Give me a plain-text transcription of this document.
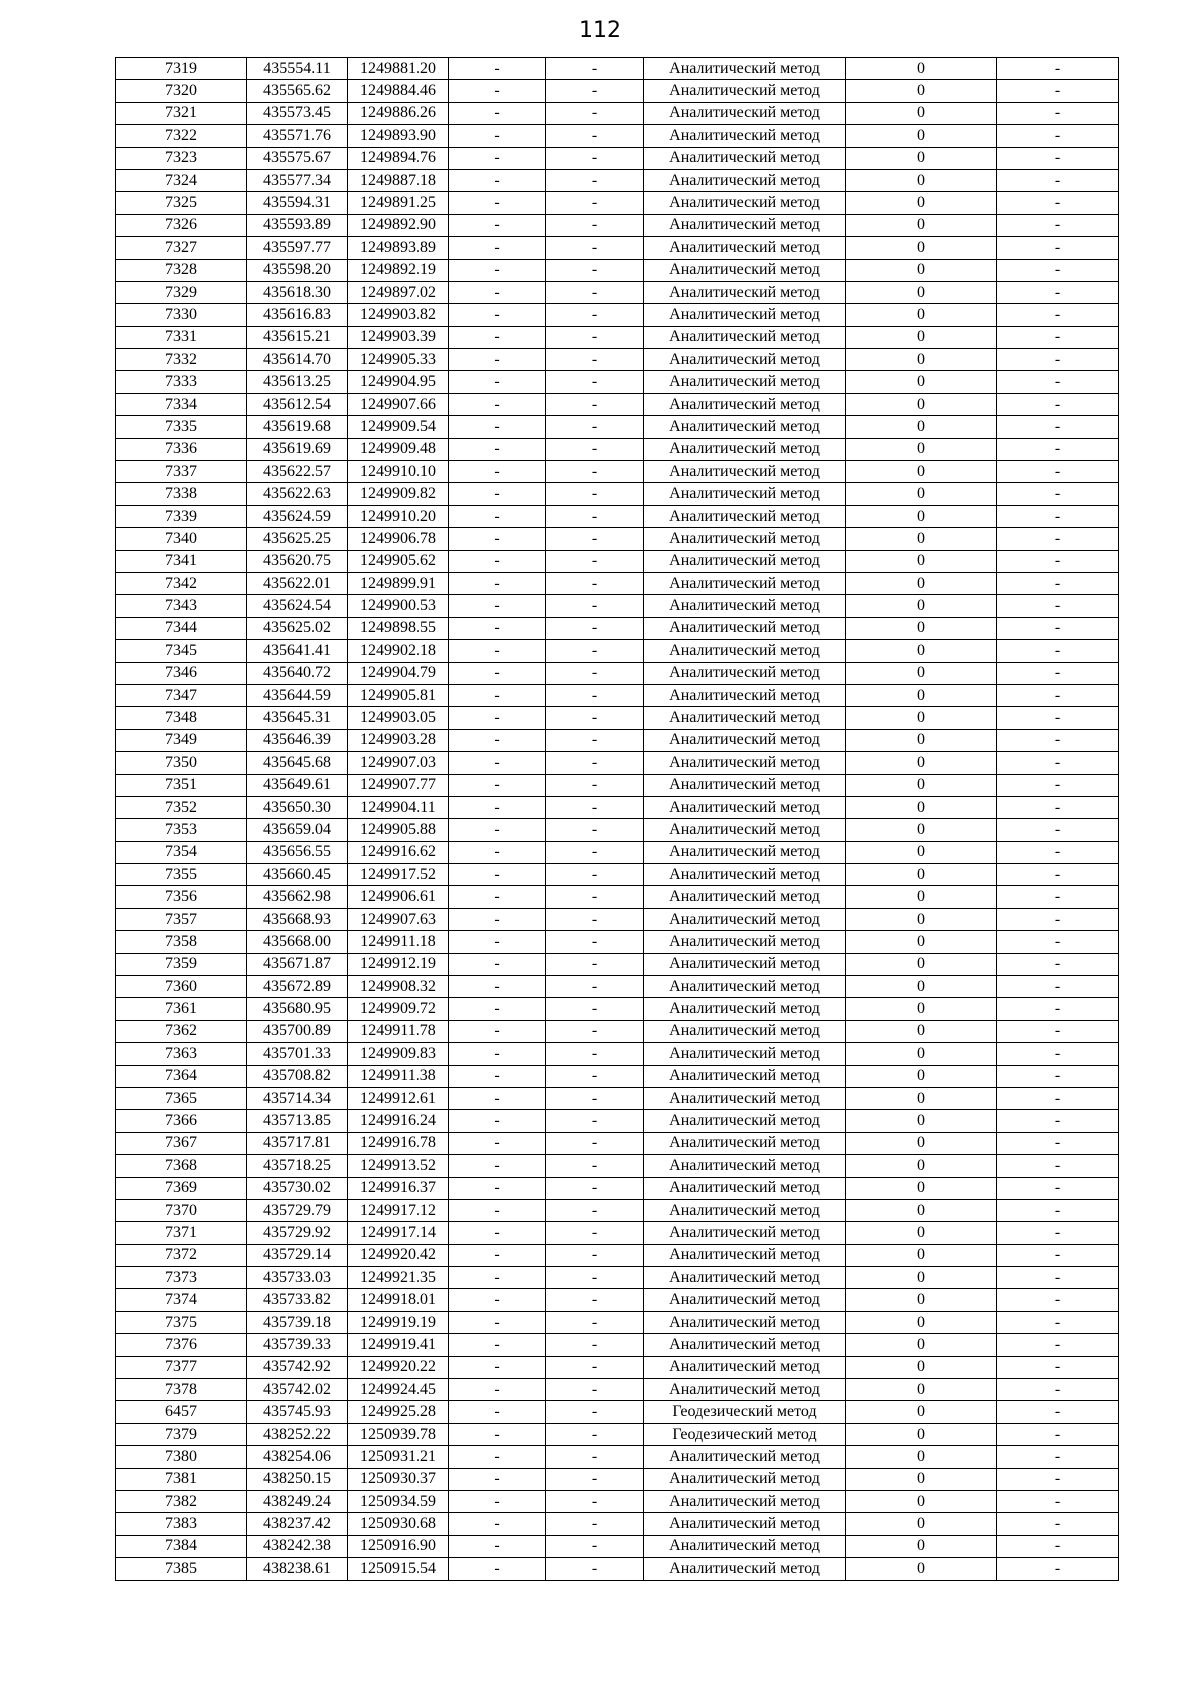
112
7319	435554.11	1249881.20	-	-	Аналитический метод	0	-
7320	435565.62	1249884.46	-	-	Аналитический метод	0	-
7321	435573.45	1249886.26	-	-	Аналитический метод	0	-
7322	435571.76	1249893.90	-	-	Аналитический метод	0	-
7323	435575.67	1249894.76	-	-	Аналитический метод	0	-
7324	435577.34	1249887.18	-	-	Аналитический метод	0	-
7325	435594.31	1249891.25	-	-	Аналитический метод	0	-
7326	435593.89	1249892.90	-	-	Аналитический метод	0	-
7327	435597.77	1249893.89	-	-	Аналитический метод	0	-
7328	435598.20	1249892.19	-	-	Аналитический метод	0	-
7329	435618.30	1249897.02	-	-	Аналитический метод	0	-
7330	435616.83	1249903.82	-	-	Аналитический метод	0	-
7331	435615.21	1249903.39	-	-	Аналитический метод	0	-
7332	435614.70	1249905.33	-	-	Аналитический метод	0	-
7333	435613.25	1249904.95	-	-	Аналитический метод	0	-
7334	435612.54	1249907.66	-	-	Аналитический метод	0	-
7335	435619.68	1249909.54	-	-	Аналитический метод	0	-
7336	435619.69	1249909.48	-	-	Аналитический метод	0	-
7337	435622.57	1249910.10	-	-	Аналитический метод	0	-
7338	435622.63	1249909.82	-	-	Аналитический метод	0	-
7339	435624.59	1249910.20	-	-	Аналитический метод	0	-
7340	435625.25	1249906.78	-	-	Аналитический метод	0	-
7341	435620.75	1249905.62	-	-	Аналитический метод	0	-
7342	435622.01	1249899.91	-	-	Аналитический метод	0	-
7343	435624.54	1249900.53	-	-	Аналитический метод	0	-
7344	435625.02	1249898.55	-	-	Аналитический метод	0	-
7345	435641.41	1249902.18	-	-	Аналитический метод	0	-
7346	435640.72	1249904.79	-	-	Аналитический метод	0	-
7347	435644.59	1249905.81	-	-	Аналитический метод	0	-
7348	435645.31	1249903.05	-	-	Аналитический метод	0	-
7349	435646.39	1249903.28	-	-	Аналитический метод	0	-
7350	435645.68	1249907.03	-	-	Аналитический метод	0	-
7351	435649.61	1249907.77	-	-	Аналитический метод	0	-
7352	435650.30	1249904.11	-	-	Аналитический метод	0	-
7353	435659.04	1249905.88	-	-	Аналитический метод	0	-
7354	435656.55	1249916.62	-	-	Аналитический метод	0	-
7355	435660.45	1249917.52	-	-	Аналитический метод	0	-
7356	435662.98	1249906.61	-	-	Аналитический метод	0	-
7357	435668.93	1249907.63	-	-	Аналитический метод	0	-
7358	435668.00	1249911.18	-	-	Аналитический метод	0	-
7359	435671.87	1249912.19	-	-	Аналитический метод	0	-
7360	435672.89	1249908.32	-	-	Аналитический метод	0	-
7361	435680.95	1249909.72	-	-	Аналитический метод	0	-
7362	435700.89	1249911.78	-	-	Аналитический метод	0	-
7363	435701.33	1249909.83	-	-	Аналитический метод	0	-
7364	435708.82	1249911.38	-	-	Аналитический метод	0	-
7365	435714.34	1249912.61	-	-	Аналитический метод	0	-
7366	435713.85	1249916.24	-	-	Аналитический метод	0	-
7367	435717.81	1249916.78	-	-	Аналитический метод	0	-
7368	435718.25	1249913.52	-	-	Аналитический метод	0	-
7369	435730.02	1249916.37	-	-	Аналитический метод	0	-
7370	435729.79	1249917.12	-	-	Аналитический метод	0	-
7371	435729.92	1249917.14	-	-	Аналитический метод	0	-
7372	435729.14	1249920.42	-	-	Аналитический метод	0	-
7373	435733.03	1249921.35	-	-	Аналитический метод	0	-
7374	435733.82	1249918.01	-	-	Аналитический метод	0	-
7375	435739.18	1249919.19	-	-	Аналитический метод	0	-
7376	435739.33	1249919.41	-	-	Аналитический метод	0	-
7377	435742.92	1249920.22	-	-	Аналитический метод	0	-
7378	435742.02	1249924.45	-	-	Аналитический метод	0	-
6457	435745.93	1249925.28	-	-	Геодезический метод	0	-
7379	438252.22	1250939.78	-	-	Геодезический метод	0	-
7380	438254.06	1250931.21	-	-	Аналитический метод	0	-
7381	438250.15	1250930.37	-	-	Аналитический метод	0	-
7382	438249.24	1250934.59	-	-	Аналитический метод	0	-
7383	438237.42	1250930.68	-	-	Аналитический метод	0	-
7384	438242.38	1250916.90	-	-	Аналитический метод	0	-
7385	438238.61	1250915.54	-	-	Аналитический метод	0	-
